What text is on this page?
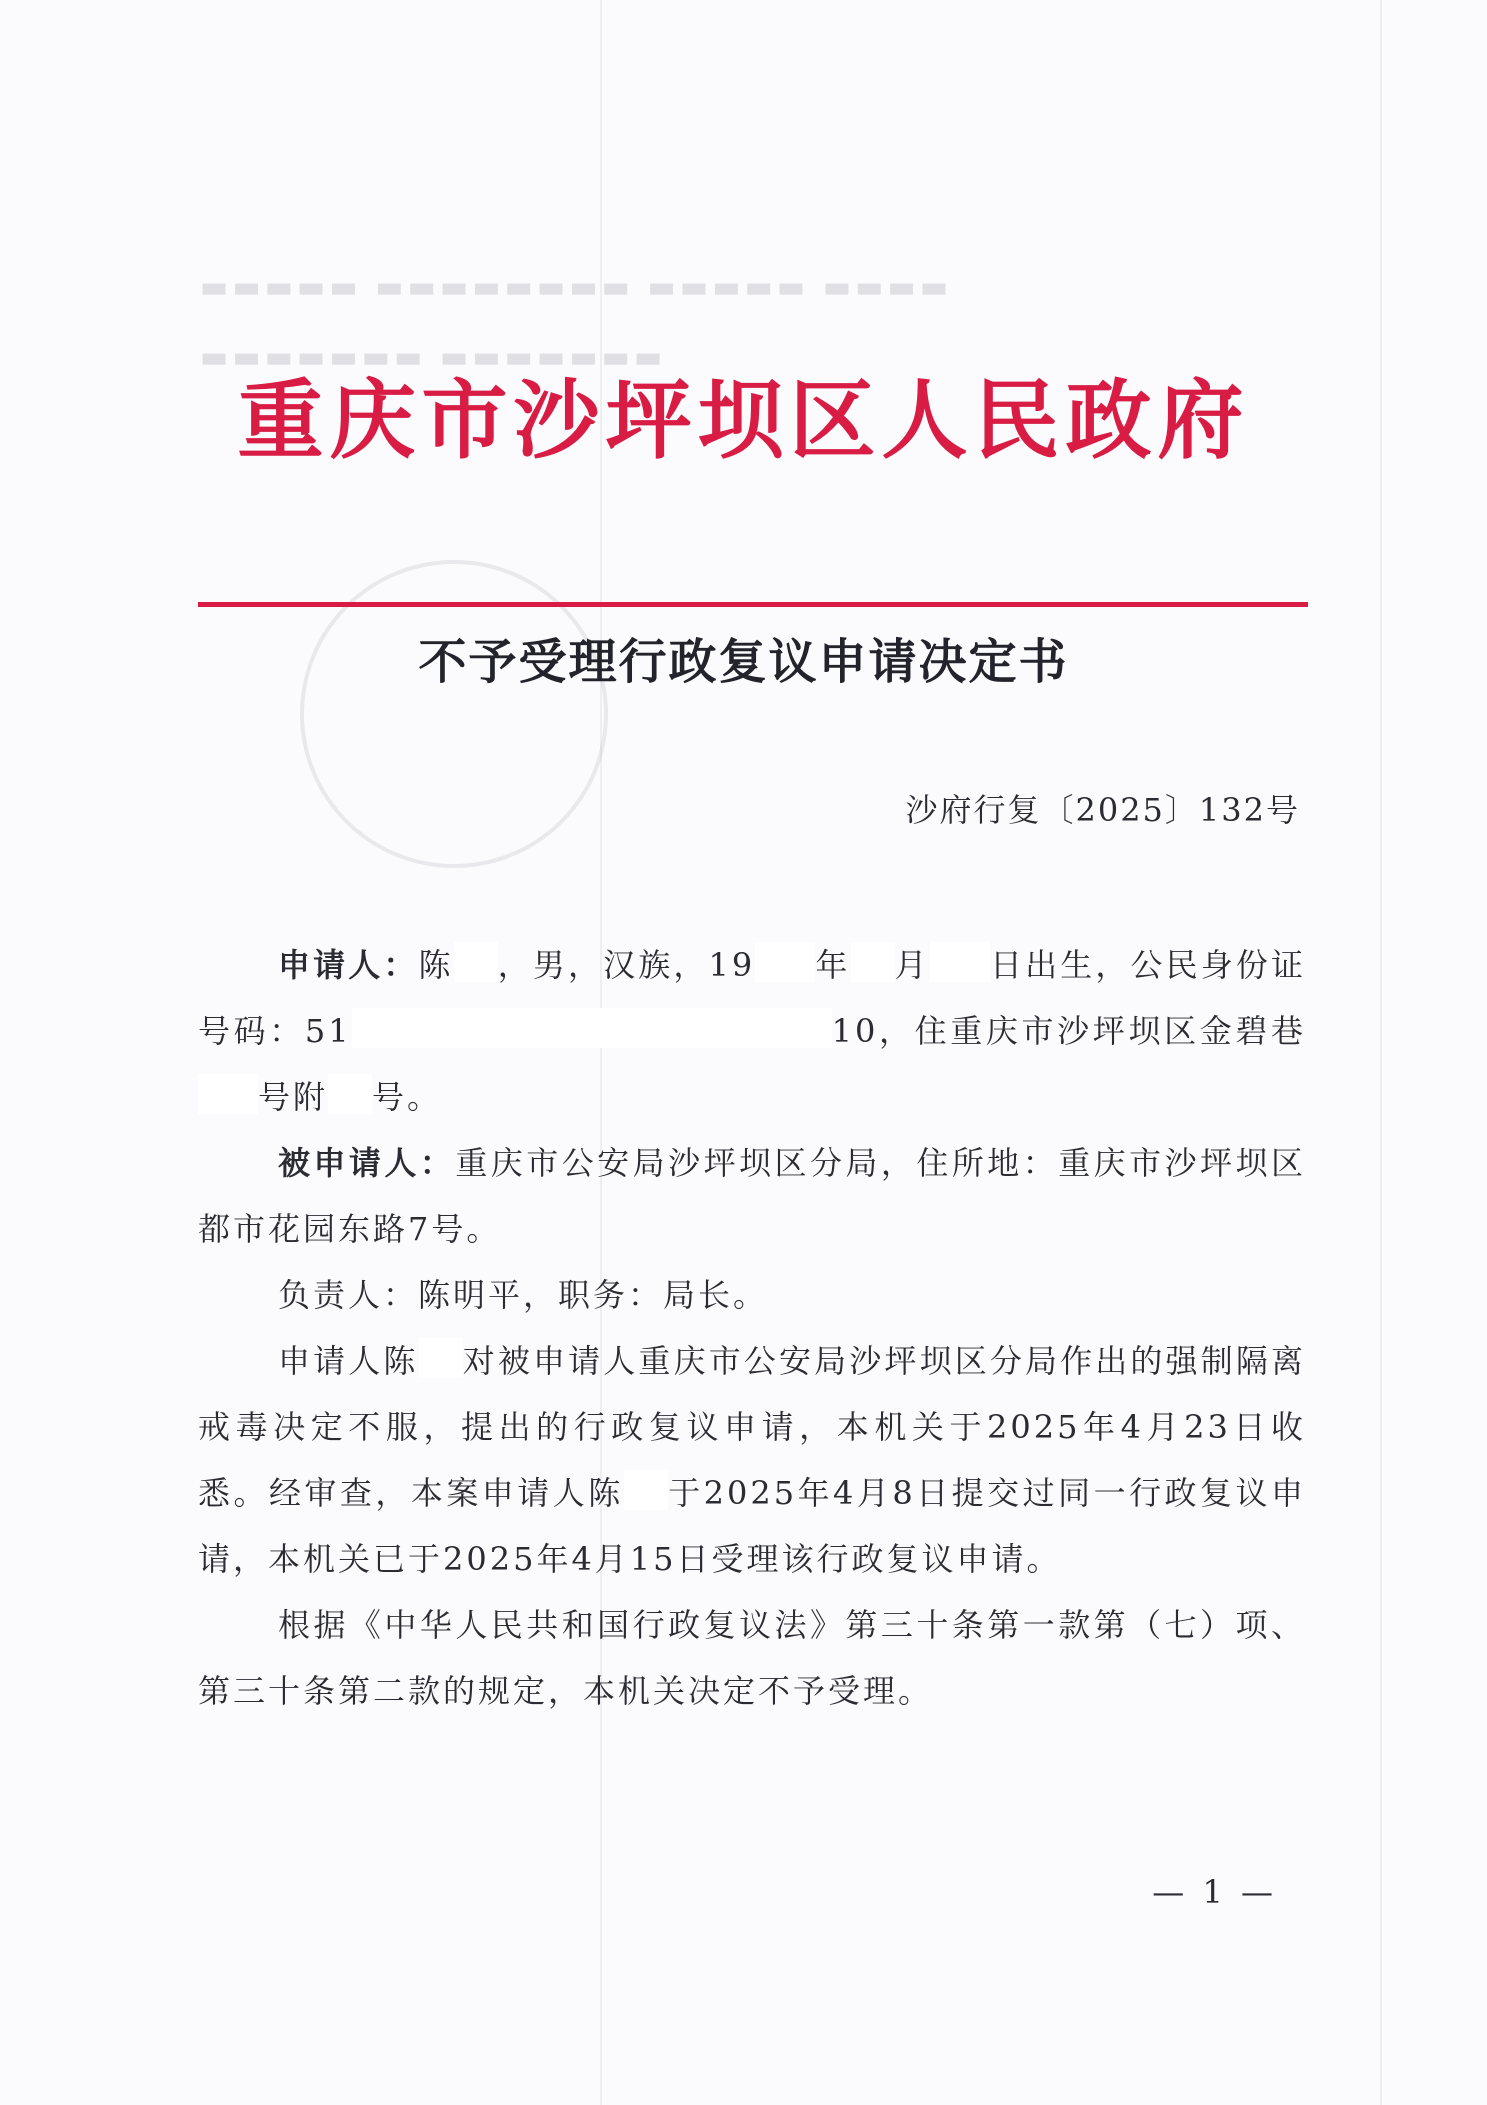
▬▬▬▬▬ ▬▬▬▬▬▬▬▬ ▬▬▬▬▬ ▬▬▬▬
▬▬▬▬▬▬▬ ▬▬▬▬▬▬▬
重庆市沙坪坝区人民政府
不予受理行政复议申请决定书
沙府行复〔2025〕132号

申请人：陈 ，男，汉族，19 年 月 日出生，公民身份证号码：51	10，住重庆市沙坪坝区金碧巷号附 号。

被申请人：重庆市公安局沙坪坝区分局，住所地：重庆市沙坪坝区都市花园东路7号。

负责人：陈明平，职务：局长。

申请人陈 对被申请人重庆市公安局沙坪坝区分局作出的强制隔离戒毒决定不服，提出的行政复议申请，本机关于2025年4月23日收悉。经审查，本案申请人陈 于2025年4月8日提交过同一行政复议申请，本机关已于2025年4月15日受理该行政复议申请。

根据《中华人民共和国行政复议法》第三十条第一款第（七）项、第三十条第二款的规定，本机关决定不予受理。

— 1 —
